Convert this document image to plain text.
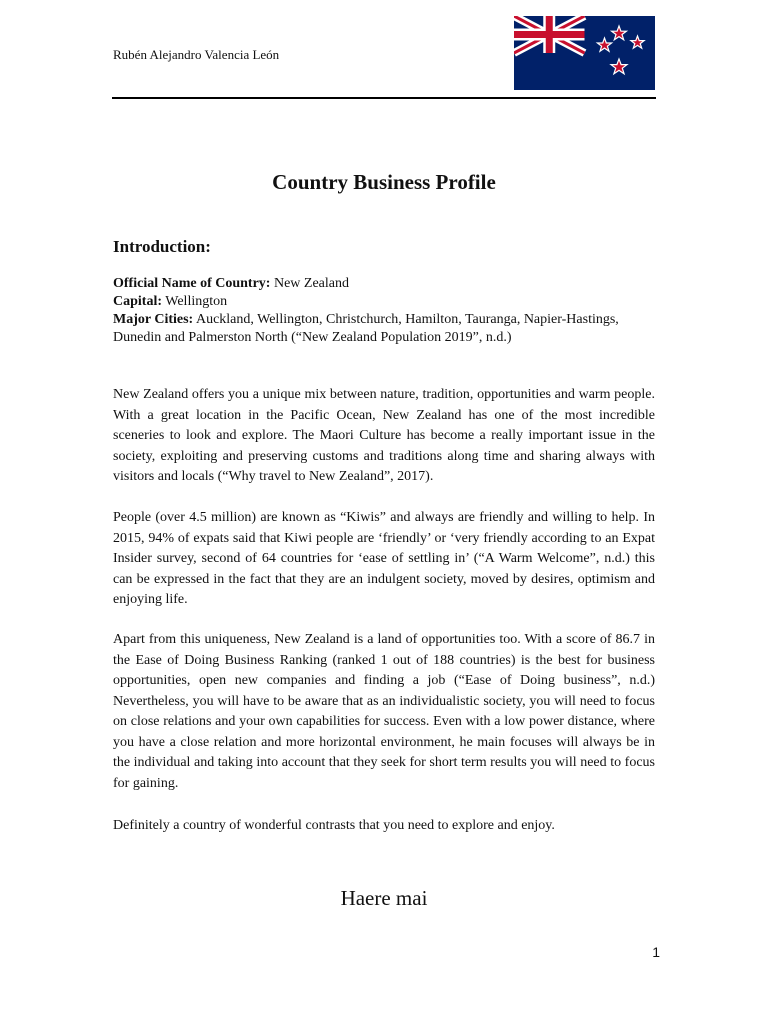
Rubén Alejandro Valencia León
Country Business Profile
Introduction:

Official Name of Country: New Zealand

Capital: Wellington

Major Cities: Auckland, Wellington, Christchurch, Hamilton, Tauranga, Napier-Hastings, Dunedin and Palmerston North (“New Zealand Population 2019”, n.d.)

New Zealand offers you a unique mix between nature, tradition, opportunities and warm people. With a great location in the Pacific Ocean, New Zealand has one of the most incredible sceneries to look and explore. The Maori Culture has become a really important issue in the society, exploiting and preserving customs and traditions along time and sharing always with visitors and locals (“Why travel to New Zealand”, 2017).

People (over 4.5 million) are known as “Kiwis” and always are friendly and willing to help. In 2015, 94% of expats said that Kiwi people are ‘friendly’ or ‘very friendly according to an Expat Insider survey, second of 64 countries for ‘ease of settling in’ (“A Warm Welcome”, n.d.) this can be expressed in the fact that they are an indulgent society, moved by desires, optimism and enjoying life.

Apart from this uniqueness, New Zealand is a land of opportunities too. With a score of 86.7 in the Ease of Doing Business Ranking (ranked 1 out of 188 countries) is the best for business opportunities, open new companies and finding a job (“Ease of Doing business”, n.d.) Nevertheless, you will have to be aware that as an individualistic society, you will need to focus on close relations and your own capabilities for success. Even with a low power distance, where you have a close relation and more horizontal environment, he main focuses will always be in the individual and taking into account that they seek for short term results you will need to focus for gaining.

Definitely a country of wonderful contrasts that you need to explore and enjoy.

Haere mai
1
